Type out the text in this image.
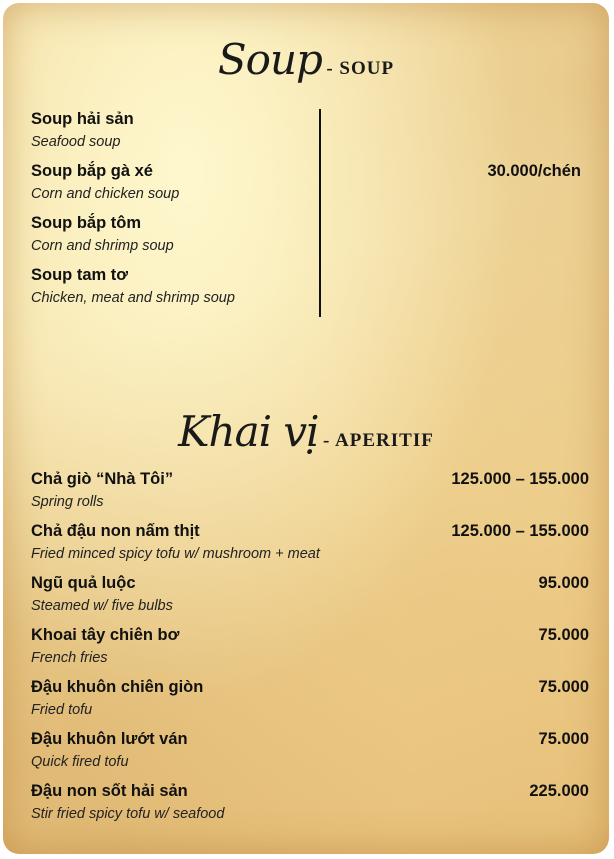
Soup - SOUP
Soup hải sản
Seafood soup
Soup bắp gà xé
Corn and chicken soup
Soup bắp tôm
Corn and shrimp soup
Soup tam tơ
Chicken, meat and shrimp soup
30.000/chén
Khai vị - APERITIF
Chả giò “Nhà Tôi”
Spring rolls
125.000 – 155.000
Chả đậu non nấm thịt
Fried minced spicy tofu w/ mushroom + meat
125.000 – 155.000
Ngũ quả luộc
Steamed w/ five bulbs
95.000
Khoai tây chiên bơ
French fries
75.000
Đậu khuôn chiên giòn
Fried tofu
75.000
Đậu khuôn lướt ván
Quick fired tofu
75.000
Đậu non sốt hải sản
Stir fried spicy tofu w/ seafood
225.000
